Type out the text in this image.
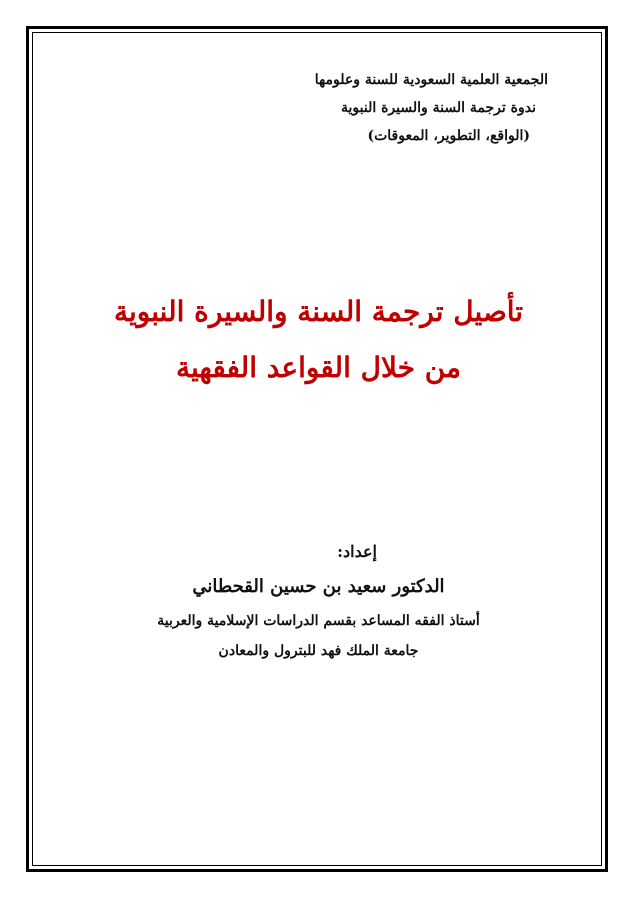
الجمعية العلمية السعودية للسنة وعلومها
ندوة ترجمة السنة والسيرة النبوية
(الواقع، التطوير، المعوقات)
تأصيل ترجمة السنة والسيرة النبوية
من خلال القواعد الفقهية
إعداد:
الدكتور سعيد بن حسين القحطاني
أستاذ الفقه المساعد بقسم الدراسات الإسلامية والعربية
جامعة الملك فهد للبترول والمعادن
